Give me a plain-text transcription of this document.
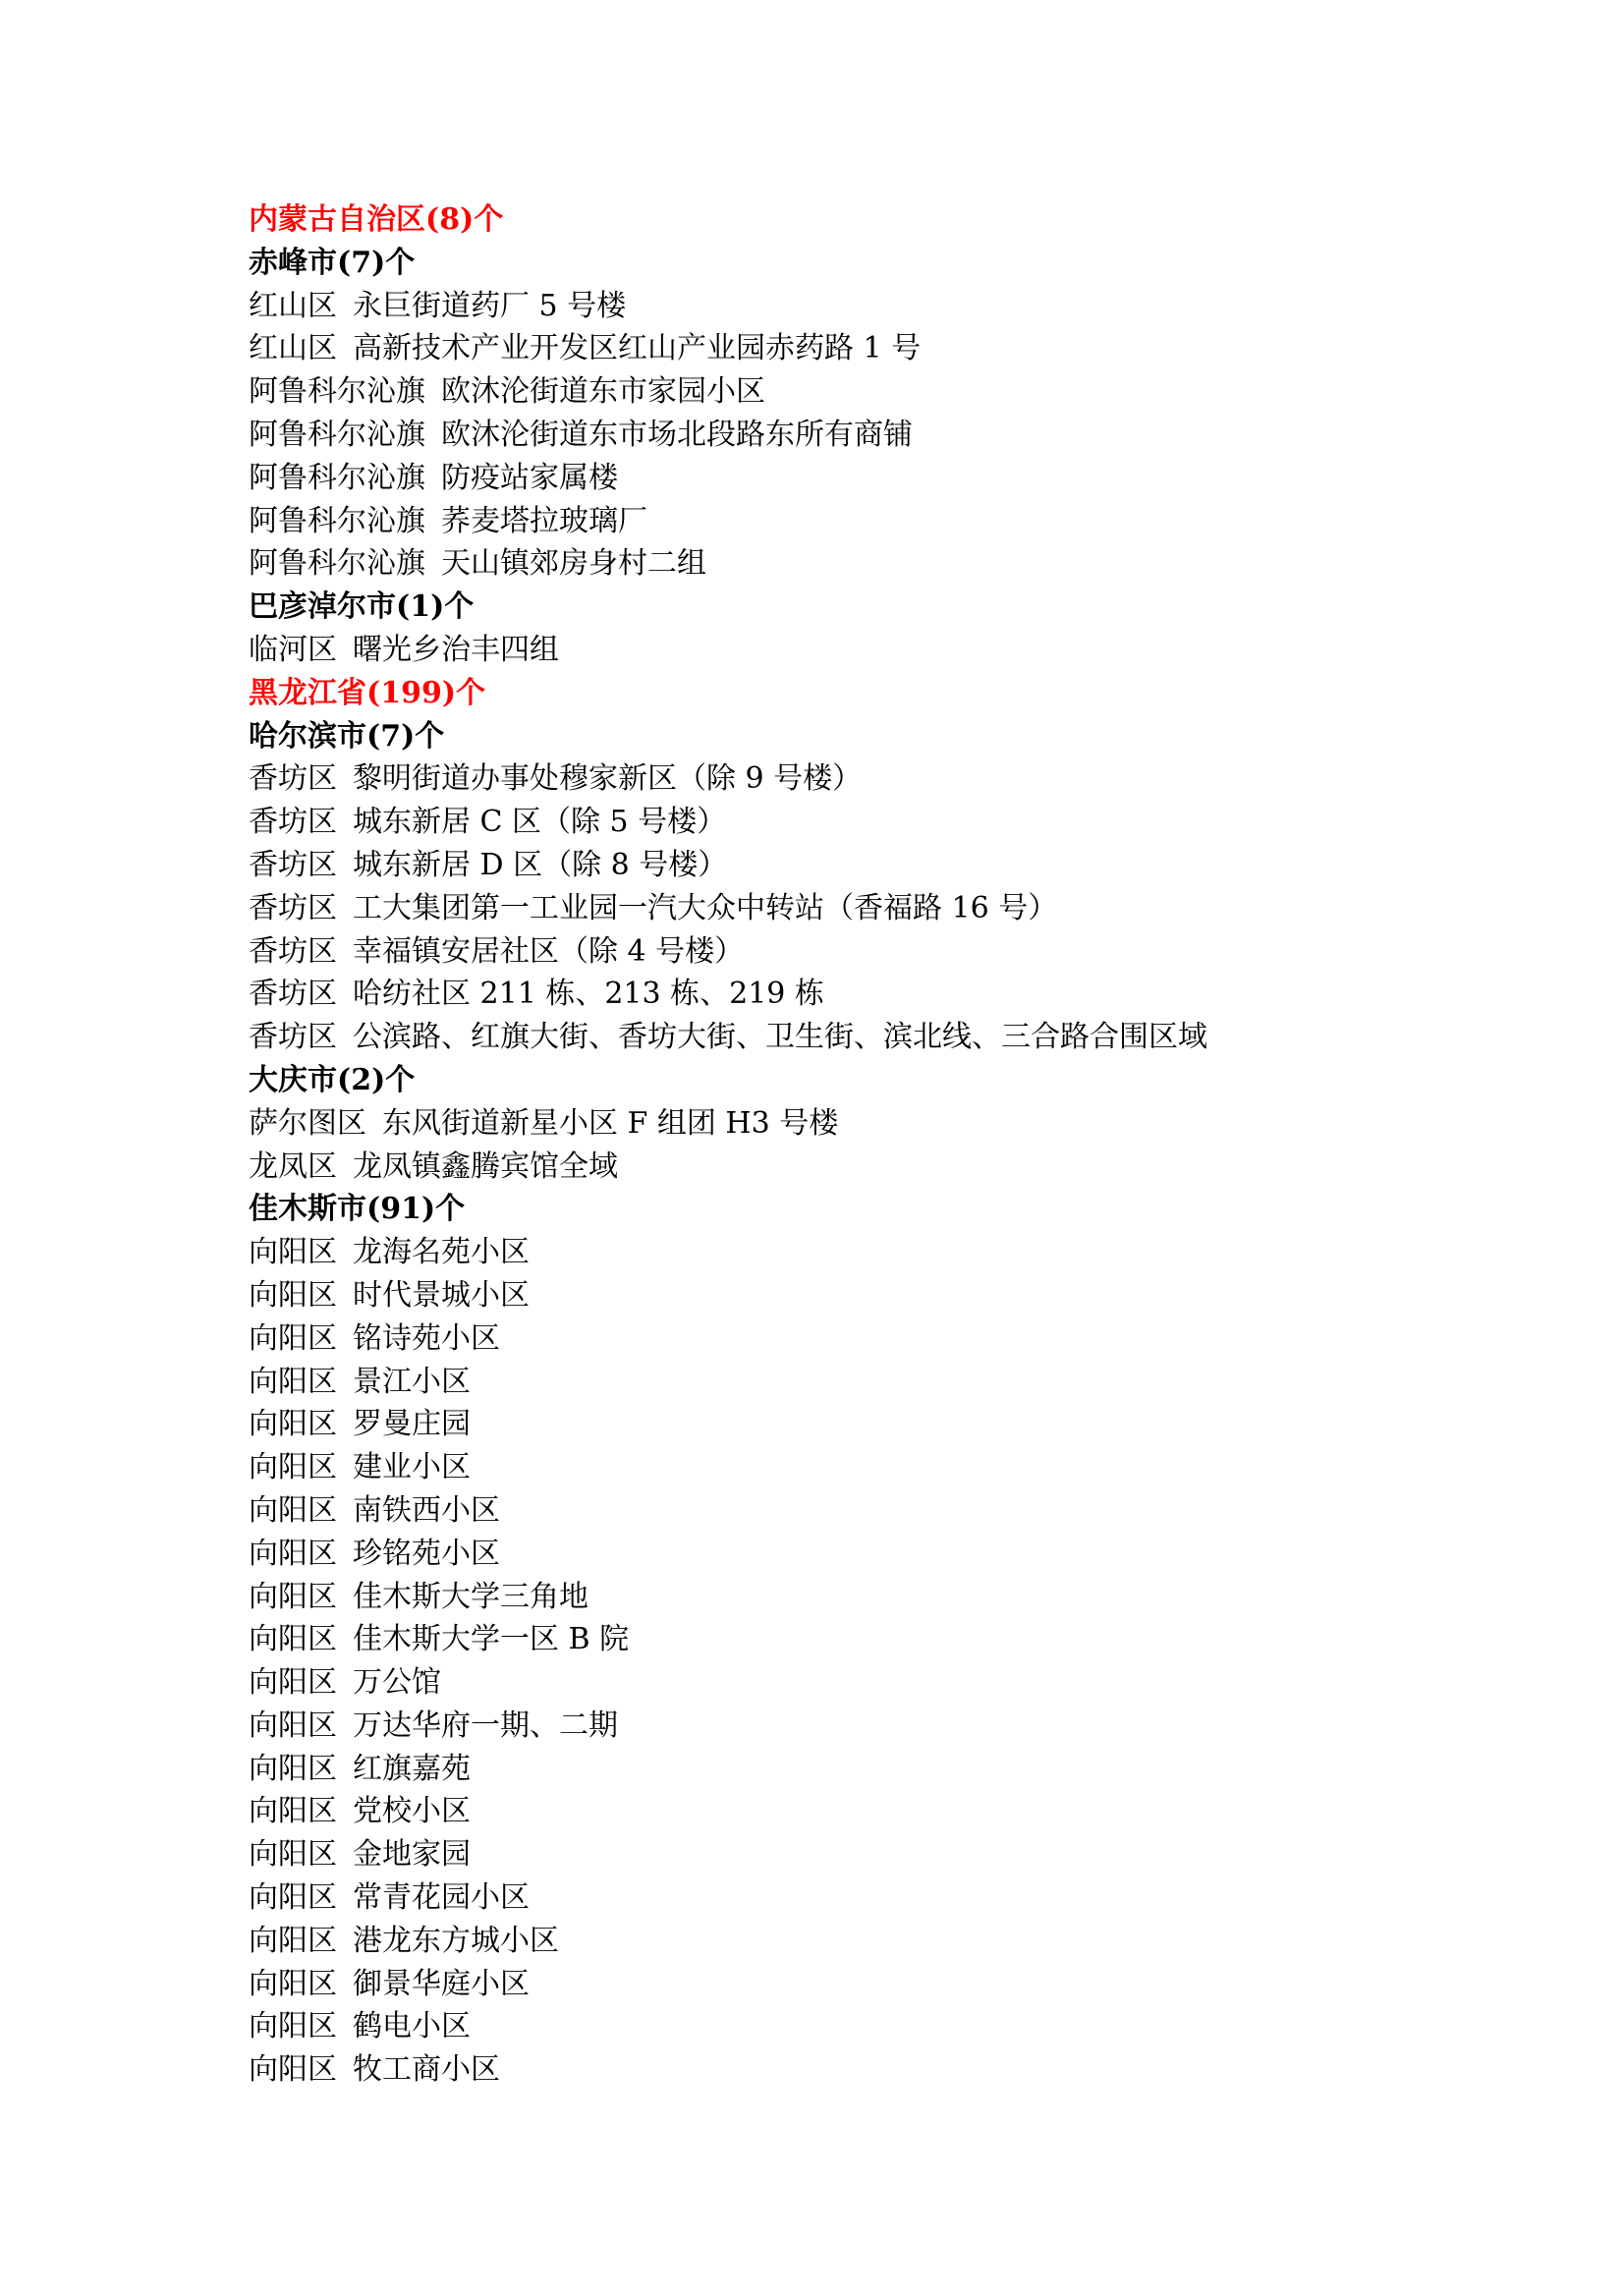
内蒙古自治区(8)个
赤峰市(7)个
红山区 永巨街道药厂 5 号楼
红山区 高新技术产业开发区红山产业园赤药路 1 号
阿鲁科尔沁旗 欧沐沦街道东市家园小区
阿鲁科尔沁旗 欧沐沦街道东市场北段路东所有商铺
阿鲁科尔沁旗 防疫站家属楼
阿鲁科尔沁旗 荞麦塔拉玻璃厂
阿鲁科尔沁旗 天山镇郊房身村二组
巴彦淖尔市(1)个
临河区 曙光乡治丰四组
黑龙江省(199)个
哈尔滨市(7)个
香坊区 黎明街道办事处穆家新区（除 9 号楼）
香坊区 城东新居 C 区（除 5 号楼）
香坊区 城东新居 D 区（除 8 号楼）
香坊区 工大集团第一工业园一汽大众中转站（香福路 16 号）
香坊区 幸福镇安居社区（除 4 号楼）
香坊区 哈纺社区 211 栋、213 栋、219 栋
香坊区 公滨路、红旗大街、香坊大街、卫生街、滨北线、三合路合围区域
大庆市(2)个
萨尔图区 东风街道新星小区 F 组团 H3 号楼
龙凤区 龙凤镇鑫腾宾馆全域
佳木斯市(91)个
向阳区 龙海名苑小区
向阳区 时代景城小区
向阳区 铭诗苑小区
向阳区 景江小区
向阳区 罗曼庄园
向阳区 建业小区
向阳区 南铁西小区
向阳区 珍铭苑小区
向阳区 佳木斯大学三角地
向阳区 佳木斯大学一区 B 院
向阳区 万公馆
向阳区 万达华府一期、二期
向阳区 红旗嘉苑
向阳区 党校小区
向阳区 金地家园
向阳区 常青花园小区
向阳区 港龙东方城小区
向阳区 御景华庭小区
向阳区 鹤电小区
向阳区 牧工商小区
